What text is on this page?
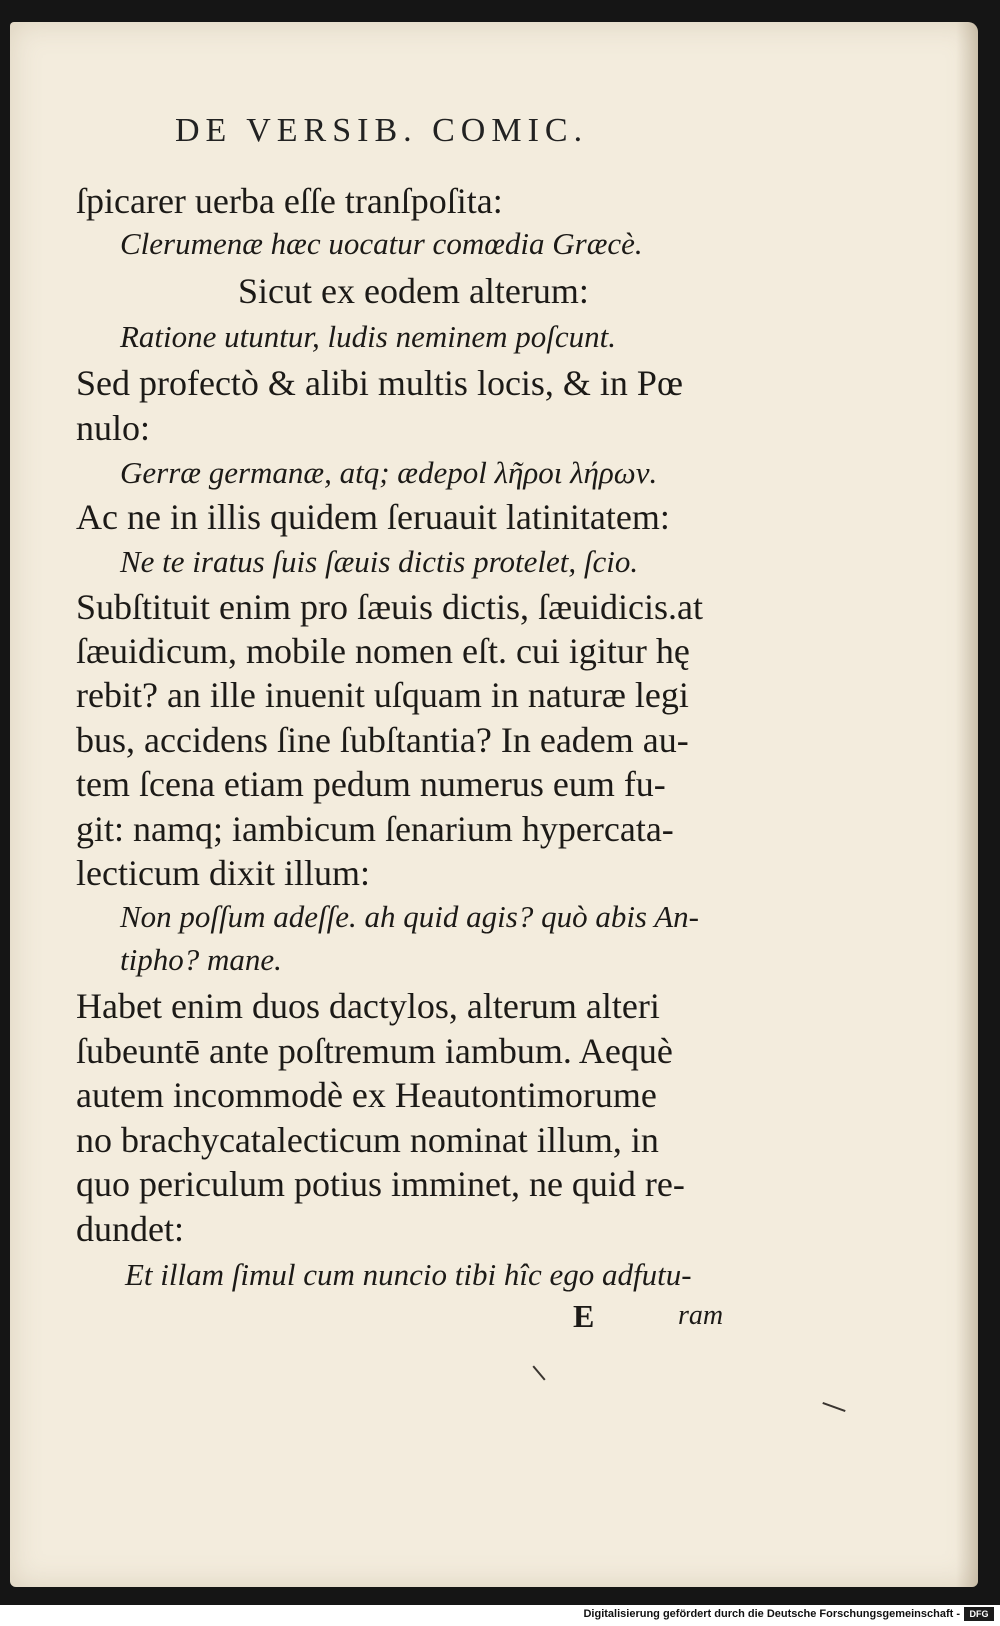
DE VERSIB. COMIC.
ſpicarer uerba eſſe tranſpoſita:
Clerumenæ hæc uocatur comœdia Græcè.
Sicut ex eodem alterum:
Ratione utuntur, ludis neminem poſcunt.
Sed profectò & alibi multis locis, & in Pœ
nulo:
Gerræ germanæ, atq; ædepol λῆροι λήρων.
Ac ne in illis quidem ſeruauit latinitatem:
Ne te iratus ſuis ſæuis dictis protelet, ſcio.
Subſtituit enim pro ſæuis dictis, ſæuidicis.at
ſæuidicum, mobile nomen eſt. cui igitur hę
rebit? an ille inuenit uſquam in naturæ legi
bus, accidens ſine ſubſtantia? In eadem au-
tem ſcena etiam pedum numerus eum fu-
git: namq; iambicum ſenarium hypercata-
lecticum dixit illum:
Non poſſum adeſſe. ah quid agis? quò abis An-
tipho? mane.
Habet enim duos dactylos, alterum alteri
ſubeuntē ante poſtremum iambum. Aequè
autem incommodè ex Heautontimorume
no brachycatalecticum nominat illum, in
quo periculum potius imminet, ne quid re-
dundet:
Et illam ſimul cum nuncio tibi hîc ego adfutu-
E	ram
Digitalisierung gefördert durch die Deutsche Forschungsgemeinschaft -	DFG
